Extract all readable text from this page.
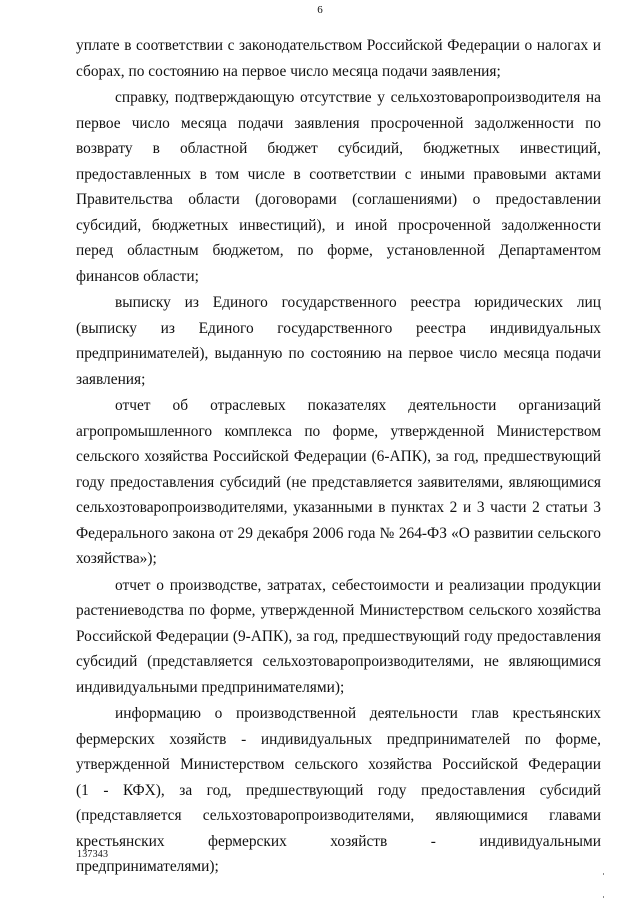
6

уплате в соответствии с законодательством Российской Федерации о налогах и сборах, по состоянию на первое число месяца подачи заявления;

справку, подтверждающую отсутствие у сельхозтоваропроизводителя на первое число месяца подачи заявления просроченной задолженности по возврату в областной бюджет субсидий, бюджетных инвестиций, предоставленных в том числе в соответствии с иными правовыми актами Правительства области (договорами (соглашениями) о предоставлении субсидий, бюджетных инвестиций), и иной просроченной задолженности перед областным бюджетом, по форме, установленной Департаментом финансов области;

выписку из Единого государственного реестра юридических лиц (выписку из Единого государственного реестра индивидуальных предпринимателей), выданную по состоянию на первое число месяца подачи заявления;

отчет об отраслевых показателях деятельности организаций агропромышленного комплекса по форме, утвержденной Министерством сельского хозяйства Российской Федерации (6-АПК), за год, предшествующий году предоставления субсидий (не представляется заявителями, являющимися сельхозтоваропроизводителями, указанными в пунктах 2 и 3 части 2 статьи 3 Федерального закона от 29 декабря 2006 года № 264-ФЗ «О развитии сельского хозяйства»);

отчет о производстве, затратах, себестоимости и реализации продукции растениеводства по форме, утвержденной Министерством сельского хозяйства Российской Федерации (9-АПК), за год, предшествующий году предоставления субсидий (представляется сельхозтоваропроизводителями, не являющимися индивидуальными предпринимателями);

информацию о производственной деятельности глав крестьянских фермерских хозяйств - индивидуальных предпринимателей по форме, утвержденной Министерством сельского хозяйства Российской Федерации (1 - КФХ), за год, предшествующий году предоставления субсидий (представляется сельхозтоваропроизводителями, являющимися главами крестьянских фермерских хозяйств - индивидуальными предпринимателями);

137343
